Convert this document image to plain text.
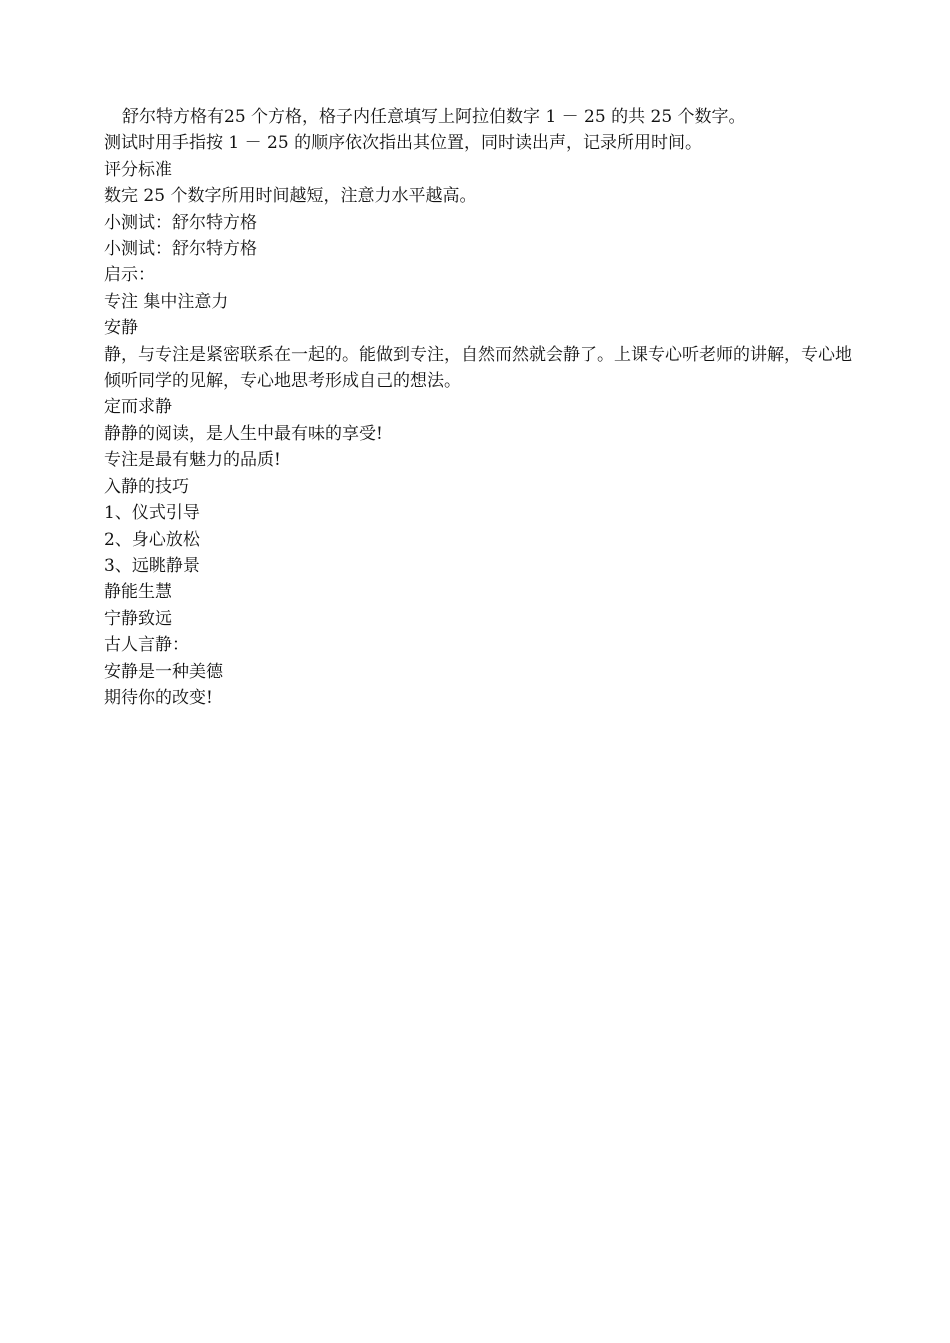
舒尔特方格有25 个方格，格子内任意填写上阿拉伯数字 1 － 25 的共 25 个数字。

测试时用手指按 1 － 25 的顺序依次指出其位置，同时读出声，记录所用时间。

评分标准

数完 25 个数字所用时间越短，注意力水平越高。

小测试：舒尔特方格

小测试：舒尔特方格

启示：

专注 集中注意力

安静

静，与专注是紧密联系在一起的。能做到专注，自然而然就会静了。上课专心听老师的讲解，专心地倾听同学的见解，专心地思考形成自己的想法。

定而求静

静静的阅读，是人生中最有味的享受!

专注是最有魅力的品质!

入静的技巧

1、仪式引导

2、身心放松

3、远眺静景

静能生慧

宁静致远

古人言静：

安静是一种美德

期待你的改变!
